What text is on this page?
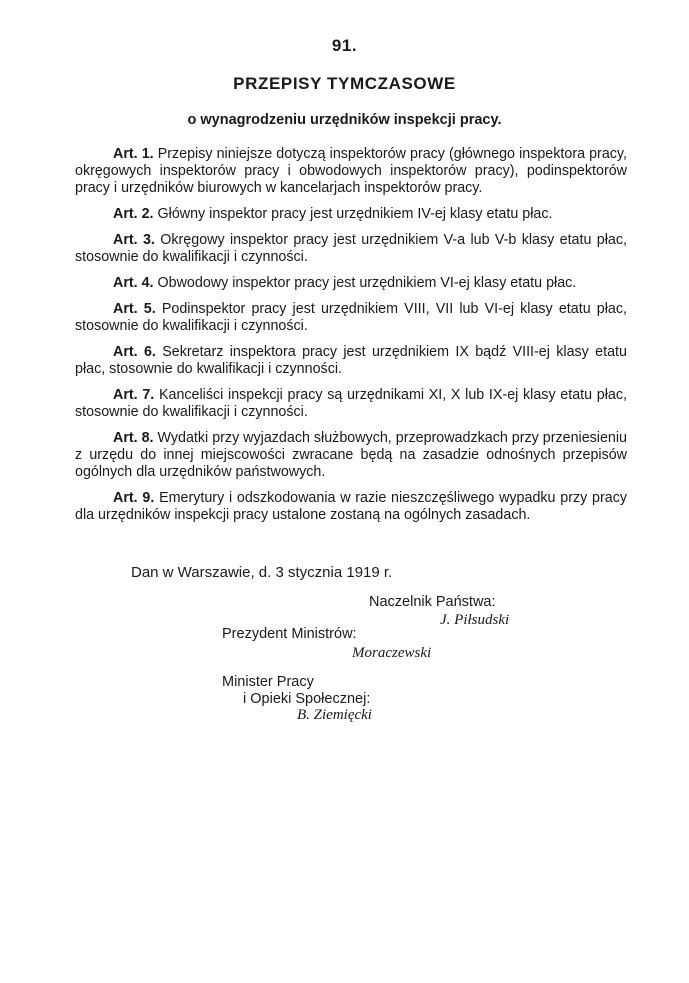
91.
PRZEPISY TYMCZASOWE
o wynagrodzeniu urzędników inspekcji pracy.

Art. 1. Przepisy niniejsze dotyczą inspektorów pracy (głównego inspektora pracy, okręgowych inspektorów pracy i obwodowych inspektorów pracy), podinspektorów pracy i urzędników biurowych w kancelarjach inspektorów pracy.

Art. 2. Główny inspektor pracy jest urzędnikiem IV-ej klasy etatu płac.

Art. 3. Okręgowy inspektor pracy jest urzędnikiem V-a lub V-b klasy etatu płac, stosownie do kwalifikacji i czynności.

Art. 4. Obwodowy inspektor pracy jest urzędnikiem VI-ej klasy etatu płac.

Art. 5. Podinspektor pracy jest urzędnikiem VIII, VII lub VI-ej klasy etatu płac, stosownie do kwalifikacji i czynności.

Art. 6. Sekretarz inspektora pracy jest urzędnikiem IX bądź VIII-ej klasy etatu płac, stosownie do kwalifikacji i czynności.

Art. 7. Kanceliści inspekcji pracy są urzędnikami XI, X lub IX-ej klasy etatu płac, stosownie do kwalifikacji i czynności.

Art. 8. Wydatki przy wyjazdach służbowych, przeprowadzkach przy przeniesieniu z urzędu do innej miejscowości zwracane będą na zasadzie odnośnych przepisów ogólnych dla urzędników państwowych.

Art. 9. Emerytury i odszkodowania w razie nieszczęśliwego wypadku przy pracy dla urzędników inspekcji pracy ustalone zostaną na ogólnych zasadach.

Dan w Warszawie, d. 3 stycznia 1919 r.
Naczelnik Państwa:
J. Piłsudski
Prezydent Ministrów:
Moraczewski
Minister Pracy
i Opieki Społecznej:
B. Ziemięcki
